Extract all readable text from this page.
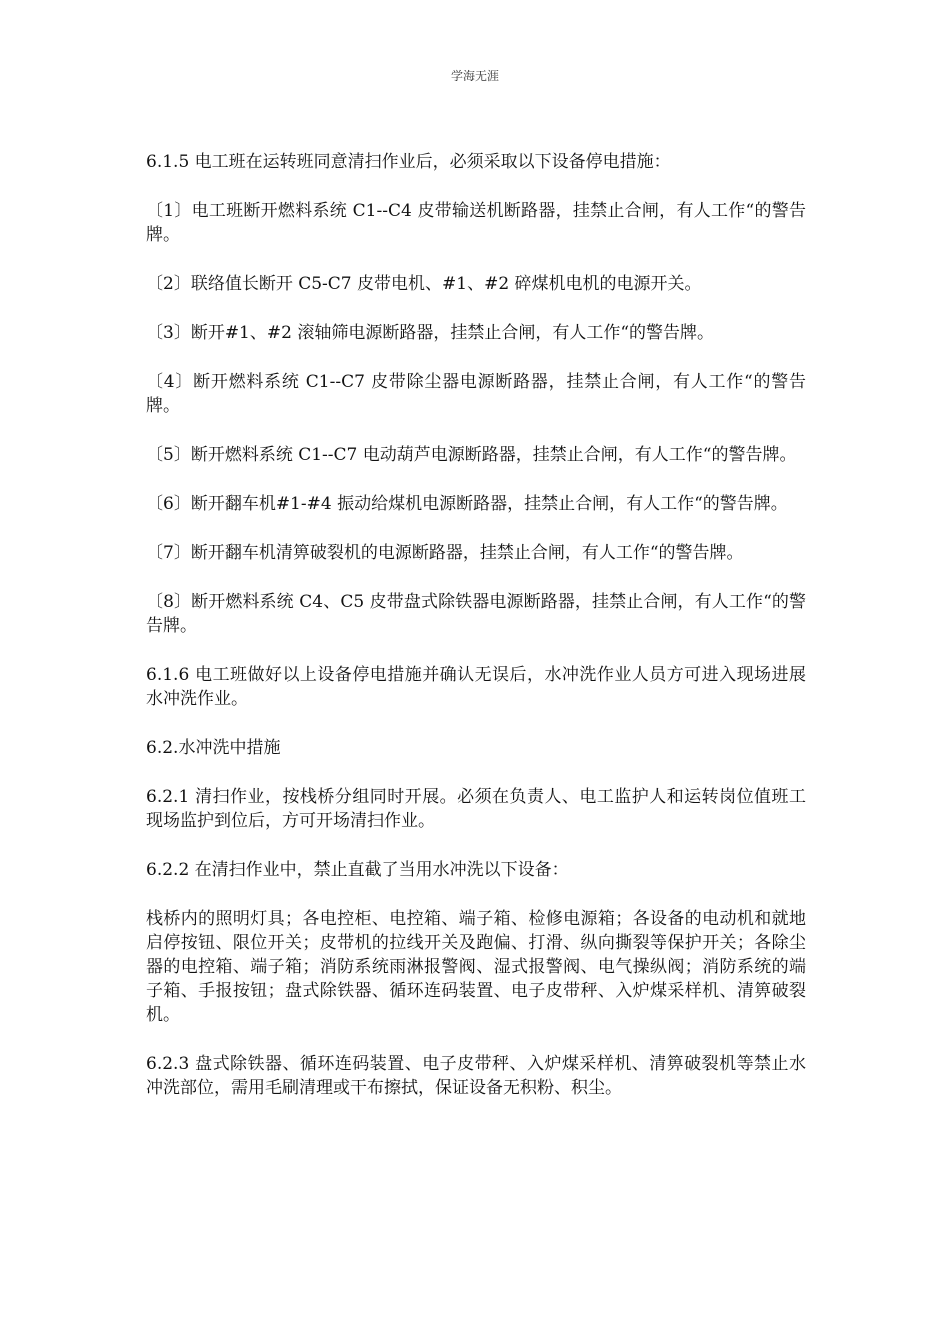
学海无涯

6.1.5 电工班在运转班同意清扫作业后，必须采取以下设备停电措施：

〔1〕电工班断开燃料系统 C1--C4 皮带输送机断路器，挂禁止合闸，有人工作“的警告牌。

〔2〕联络值长断开 C5-C7 皮带电机、#1、#2 碎煤机电机的电源开关。

〔3〕断开#1、#2 滚轴筛电源断路器，挂禁止合闸，有人工作“的警告牌。

〔4〕断开燃料系统 C1--C7 皮带除尘器电源断路器，挂禁止合闸，有人工作“的警告牌。

〔5〕断开燃料系统 C1--C7 电动葫芦电源断路器，挂禁止合闸，有人工作“的警告牌。

〔6〕断开翻车机#1-#4 振动给煤机电源断路器，挂禁止合闸，有人工作“的警告牌。

〔7〕断开翻车机清箅破裂机的电源断路器，挂禁止合闸，有人工作“的警告牌。

〔8〕断开燃料系统 C4、C5 皮带盘式除铁器电源断路器，挂禁止合闸，有人工作“的警告牌。

6.1.6 电工班做好以上设备停电措施并确认无误后，水冲洗作业人员方可进入现场进展水冲洗作业。

6.2.水冲洗中措施

6.2.1 清扫作业，按栈桥分组同时开展。必须在负责人、电工监护人和运转岗位值班工现场监护到位后，方可开场清扫作业。

6.2.2 在清扫作业中，禁止直截了当用水冲洗以下设备：

栈桥内的照明灯具；各电控柜、电控箱、端子箱、检修电源箱；各设备的电动机和就地启停按钮、限位开关；皮带机的拉线开关及跑偏、打滑、纵向撕裂等保护开关；各除尘器的电控箱、端子箱；消防系统雨淋报警阀、湿式报警阀、电气操纵阀；消防系统的端子箱、手报按钮；盘式除铁器、循环连码装置、电子皮带秤、入炉煤采样机、清箅破裂机。

6.2.3 盘式除铁器、循环连码装置、电子皮带秤、入炉煤采样机、清箅破裂机等禁止水冲洗部位，需用毛刷清理或干布擦拭，保证设备无积粉、积尘。
